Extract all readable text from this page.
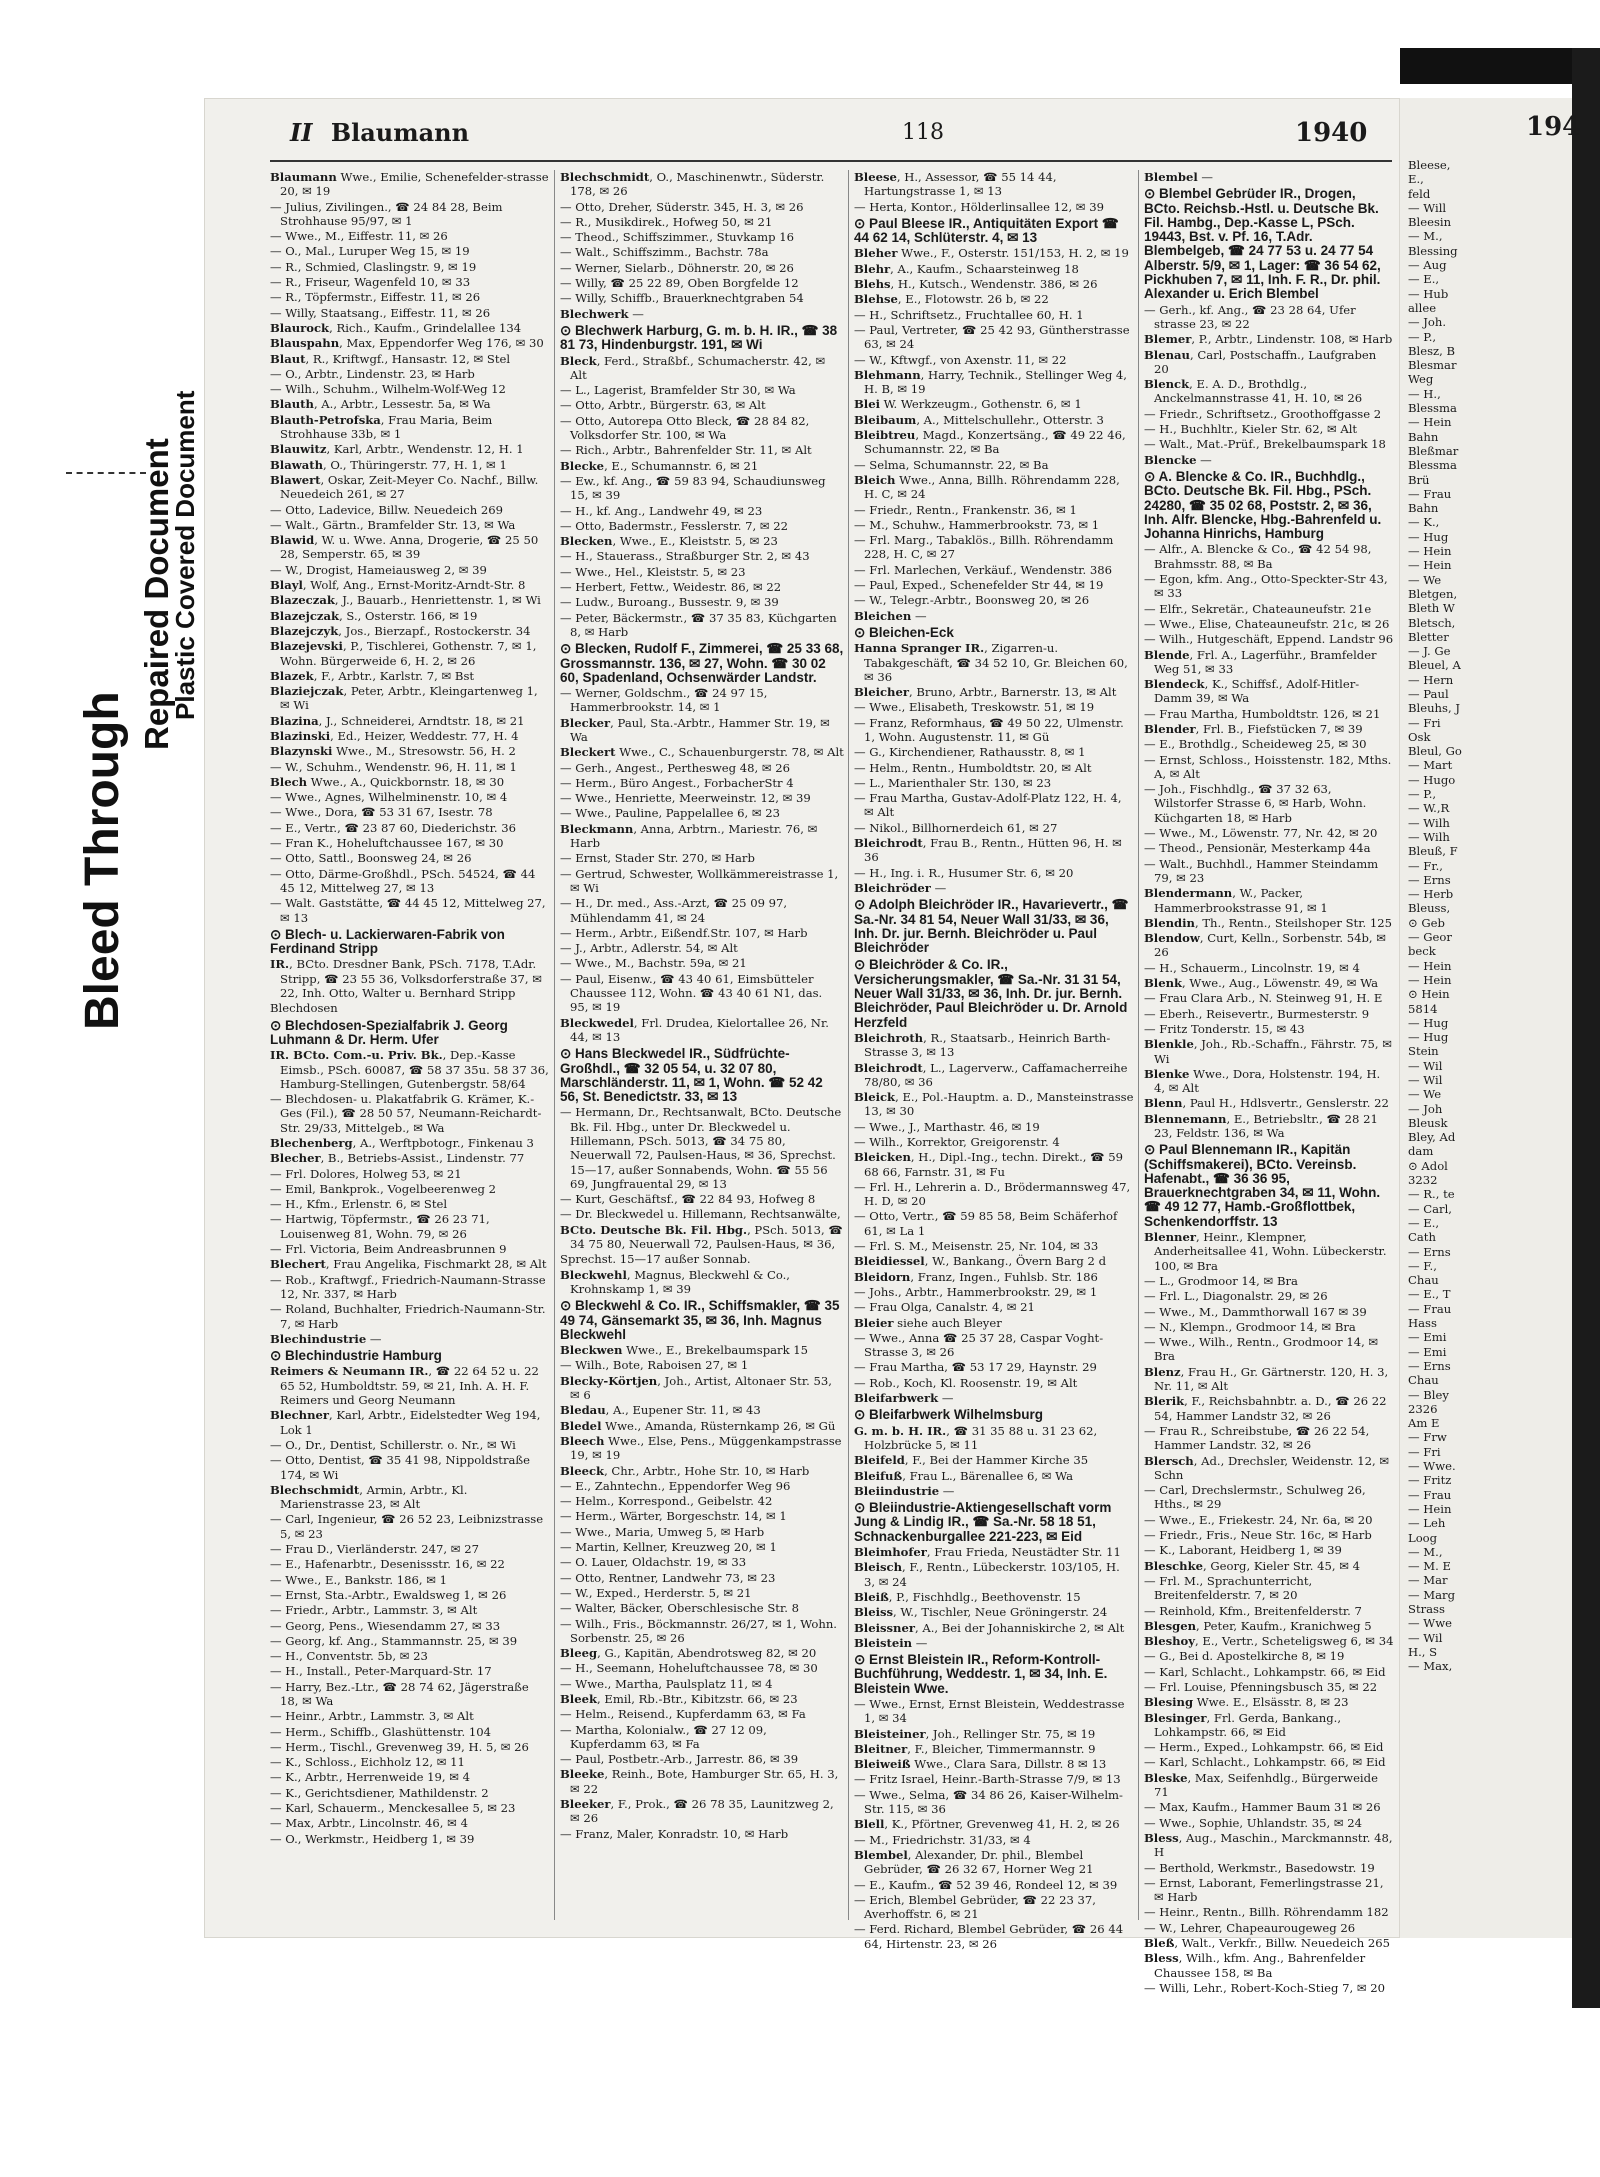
Bleed Through
Repaired Document
Plastic Covered Document
II Blaumann	118	1940
Blaumann Wwe., Emilie, Schenefelder-strasse 20, ✉ 19
— Julius, Zivilingen., ☎ 24 84 28, Beim Strohhause 95/97, ✉ 1
— Wwe., M., Eiffestr. 11, ✉ 26
— O., Mal., Luruper Weg 15, ✉ 19
— R., Schmied, Claslingstr. 9, ✉ 19
— R., Friseur, Wagenfeld 10, ✉ 33
— R., Töpfermstr., Eiffestr. 11, ✉ 26
— Willy, Staatsang., Eiffestr. 11, ✉ 26
Blaurock, Rich., Kaufm., Grindelallee 134
Blauspahn, Max, Eppendorfer Weg 176, ✉ 30
Blaut, R., Kriftwgf., Hansastr. 12, ✉ Stel
— O., Arbtr., Lindenstr. 23, ✉ Harb
— Wilh., Schuhm., Wilhelm-Wolf-Weg 12
Blauth, A., Arbtr., Lessestr. 5a, ✉ Wa
Blauth-Petrofska, Frau Maria, Beim Strohhause 33b, ✉ 1
Blauwitz, Karl, Arbtr., Wendenstr. 12, H. 1
Blawath, O., Thüringerstr. 77, H. 1, ✉ 1
Blawert, Oskar, Zeit-Meyer Co. Nachf., Billw. Neuedeich 261, ✉ 27
— Otto, Ladevice, Billw. Neuedeich 269
— Walt., Gärtn., Bramfelder Str. 13, ✉ Wa
Blawid, W. u. Wwe. Anna, Drogerie, ☎ 25 50 28, Semperstr. 65, ✉ 39
— W., Drogist, Hameiausweg 2, ✉ 39
Blayl, Wolf, Ang., Ernst-Moritz-Arndt-Str. 8
Blazeczak, J., Bauarb., Henriettenstr. 1, ✉ Wi
Blazejczak, S., Osterstr. 166, ✉ 19
Blazejczyk, Jos., Bierzapf., Rostockerstr. 34
Blazejevski, P., Tischlerei, Gothenstr. 7, ✉ 1, Wohn. Bürgerweide 6, H. 2, ✉ 26
Blazek, F., Arbtr., Karlstr. 7, ✉ Bst
Blaziejczak, Peter, Arbtr., Kleingartenweg 1, ✉ Wi
Blazina, J., Schneiderei, Arndtstr. 18, ✉ 21
Blazinski, Ed., Heizer, Weddestr. 77, H. 4
Blazynski Wwe., M., Stresowstr. 56, H. 2
— W., Schuhm., Wendenstr. 96, H. 11, ✉ 1
Blech Wwe., A., Quickbornstr. 18, ✉ 30
— Wwe., Agnes, Wilhelminenstr. 10, ✉ 4
— Wwe., Dora, ☎ 53 31 67, Isestr. 78
— E., Vertr., ☎ 23 87 60, Diederichstr. 36
— Fran K., Hoheluftchaussee 167, ✉ 30
— Otto, Sattl., Boonsweg 24, ✉ 26
— Otto, Därme-Großhdl., PSch. 54524, ☎ 44 45 12, Mittelweg 27, ✉ 13
— Walt. Gaststätte, ☎ 44 45 12, Mittelweg 27, ✉ 13
⊙ Blech- u. Lackierwaren-Fabrik von Ferdinand Stripp
IR., BCto. Dresdner Bank, PSch. 7178, T.Adr. Stripp, ☎ 23 55 36, Volksdorferstraße 37, ✉ 22, Inh. Otto, Walter u. Bernhard Stripp
Blechdosen
⊙ Blechdosen-Spezialfabrik J. Georg Luhmann & Dr. Herm. Ufer
IR. BCto. Com.-u. Priv. Bk., Dep.-Kasse Eimsb., PSch. 60087, ☎ 58 37 35u. 58 37 36, Hamburg-Stellingen, Gutenbergstr. 58/64
— Blechdosen- u. Plakatfabrik G. Krämer, K.-Ges (Fil.), ☎ 28 50 57, Neumann-Reichardt-Str. 29/33, Mittelgeb., ✉ Wa
Blechenberg, A., Werftpbotogr., Finkenau 3
Blecher, B., Betriebs-Assist., Lindenstr. 77
— Frl. Dolores, Holweg 53, ✉ 21
— Emil, Bankprok., Vogelbeerenweg 2
— H., Kfm., Erlenstr. 6, ✉ Stel
— Hartwig, Töpfermstr., ☎ 26 23 71, Louisenweg 81, Wohn. 79, ✉ 26
— Frl. Victoria, Beim Andreasbrunnen 9
Blechert, Frau Angelika, Fischmarkt 28, ✉ Alt
— Rob., Kraftwgf., Friedrich-Naumann-Strasse 12, Nr. 337, ✉ Harb
— Roland, Buchhalter, Friedrich-Naumann-Str. 7, ✉ Harb
Blechindustrie —
⊙ Blechindustrie Hamburg
Reimers & Neumann IR., ☎ 22 64 52 u. 22 65 52, Humboldtstr. 59, ✉ 21, Inh. A. H. F. Reimers und Georg Neumann
Blechner, Karl, Arbtr., Eidelstedter Weg 194, Lok 1
— O., Dr., Dentist, Schillerstr. o. Nr., ✉ Wi
— Otto, Dentist, ☎ 35 41 98, Nippoldstraße 174, ✉ Wi
Blechschmidt, Armin, Arbtr., Kl. Marienstrasse 23, ✉ Alt
— Carl, Ingenieur, ☎ 26 52 23, Leibnizstrasse 5, ✉ 23
— Frau D., Vierländerstr. 247, ✉ 27
— E., Hafenarbtr., Desenissstr. 16, ✉ 22
— Wwe., E., Bankstr. 186, ✉ 1
— Ernst, Sta.-Arbtr., Ewaldsweg 1, ✉ 26
— Friedr., Arbtr., Lammstr. 3, ✉ Alt
— Georg, Pens., Wiesendamm 27, ✉ 33
— Georg, kf. Ang., Stammannstr. 25, ✉ 39
— H., Conventstr. 5b, ✉ 23
— H., Install., Peter-Marquard-Str. 17
— Harry, Bez.-Ltr., ☎ 28 74 62, Jägerstraße 18, ✉ Wa
— Heinr., Arbtr., Lammstr. 3, ✉ Alt
— Herm., Schiffb., Glashüttenstr. 104
— Herm., Tischl., Grevenweg 39, H. 5, ✉ 26
— K., Schloss., Eichholz 12, ✉ 11
— K., Arbtr., Herrenweide 19, ✉ 4
— K., Gerichtsdiener, Mathildenstr. 2
— Karl, Schauerm., Menckesallee 5, ✉ 23
— Max, Arbtr., Lincolnstr. 46, ✉ 4
— O., Werkmstr., Heidberg 1, ✉ 39
Blechschmidt, O., Maschinenwtr., Süderstr. 178, ✉ 26
— Otto, Dreher, Süderstr. 345, H. 3, ✉ 26
— R., Musikdirek., Hofweg 50, ✉ 21
— Theod., Schiffszimmer., Stuvkamp 16
— Walt., Schiffszimm., Bachstr. 78a
— Werner, Sielarb., Döhnerstr. 20, ✉ 26
— Willy, ☎ 25 22 89, Oben Borgfelde 12
— Willy, Schiffb., Brauerknechtgraben 54
Blechwerk —
⊙ Blechwerk Harburg, G. m. b. H. IR., ☎ 38 81 73, Hindenburgstr. 191, ✉ Wi
Bleck, Ferd., Straßbf., Schumacherstr. 42, ✉ Alt
— L., Lagerist, Bramfelder Str 30, ✉ Wa
— Otto, Arbtr., Bürgerstr. 63, ✉ Alt
— Otto, Autorepa Otto Bleck, ☎ 28 84 82, Volksdorfer Str. 100, ✉ Wa
— Rich., Arbtr., Bahrenfelder Str. 11, ✉ Alt
Blecke, E., Schumannstr. 6, ✉ 21
— Ew., kf. Ang., ☎ 59 83 94, Schaudiunsweg 15, ✉ 39
— H., kf. Ang., Landwehr 49, ✉ 23
— Otto, Badermstr., Fesslerstr. 7, ✉ 22
Blecken, Wwe., E., Kleiststr. 5, ✉ 23
— H., Stauerass., Straßburger Str. 2, ✉ 43
— Wwe., Hel., Kleiststr. 5, ✉ 23
— Herbert, Fettw., Weidestr. 86, ✉ 22
— Ludw., Buroang., Bussestr. 9, ✉ 39
— Peter, Bäckermstr., ☎ 37 35 83, Küchgarten 8, ✉ Harb
⊙ Blecken, Rudolf F., Zimmerei, ☎ 25 33 68, Grossmannstr. 136, ✉ 27, Wohn. ☎ 30 02 60, Spadenland, Ochsenwärder Landstr.
— Werner, Goldschm., ☎ 24 97 15, Hammerbrookstr. 14, ✉ 1
Blecker, Paul, Sta.-Arbtr., Hammer Str. 19, ✉ Wa
Bleckert Wwe., C., Schauenburgerstr. 78, ✉ Alt
— Gerh., Angest., Perthesweg 48, ✉ 26
— Herm., Büro Angest., ForbacherStr 4
— Wwe., Henriette, Meerweinstr. 12, ✉ 39
— Wwe., Pauline, Pappelallee 6, ✉ 23
Bleckmann, Anna, Arbtrn., Mariestr. 76, ✉ Harb
— Ernst, Stader Str. 270, ✉ Harb
— Gertrud, Schwester, Wollkämmereistrasse 1, ✉ Wi
— H., Dr. med., Ass.-Arzt, ☎ 25 09 97, Mühlendamm 41, ✉ 24
— Herm., Arbtr., Eißendf.Str. 107, ✉ Harb
— J., Arbtr., Adlerstr. 54, ✉ Alt
— Wwe., M., Bachstr. 59a, ✉ 21
— Paul, Eisenw., ☎ 43 40 61, Eimsbütteler Chaussee 112, Wohn. ☎ 43 40 61 N1, das. 95, ✉ 19
Bleckwedel, Frl. Drudea, Kielortallee 26, Nr. 44, ✉ 13
⊙ Hans Bleckwedel IR., Südfrüchte-Großhdl., ☎ 32 05 54, u. 32 07 80, Marschländerstr. 11, ✉ 1, Wohn. ☎ 52 42 56, St. Benedictstr. 33, ✉ 13
— Hermann, Dr., Rechtsanwalt, BCto. Deutsche Bk. Fil. Hbg., unter Dr. Bleckwedel u. Hillemann, PSch. 5013, ☎ 34 75 80, Neuerwall 72, Paulsen-Haus, ✉ 36, Sprechst. 15—17, außer Sonnabends, Wohn. ☎ 55 56 69, Jungfrauental 29, ✉ 13
— Kurt, Geschäftsf., ☎ 22 84 93, Hofweg 8
— Dr. Bleckwedel u. Hillemann, Rechtsanwälte,
BCto. Deutsche Bk. Fil. Hbg., PSch. 5013, ☎ 34 75 80, Neuerwall 72, Paulsen-Haus, ✉ 36,
Sprechst. 15—17 außer Sonnab.
Bleckwehl, Magnus, Bleckwehl & Co., Krohnskamp 1, ✉ 39
⊙ Bleckwehl & Co. IR., Schiffsmakler, ☎ 35 49 74, Gänsemarkt 35, ✉ 36, Inh. Magnus Bleckwehl
Bleckwen Wwe., E., Brekelbaumspark 15
— Wilh., Bote, Raboisen 27, ✉ 1
Blecky-Körtjen, Joh., Artist, Altonaer Str. 53, ✉ 6
Bledau, A., Eupener Str. 11, ✉ 43
Bledel Wwe., Amanda, Rüsternkamp 26, ✉ Gü
Bleech Wwe., Else, Pens., Müggenkampstrasse 19, ✉ 19
Bleeck, Chr., Arbtr., Hohe Str. 10, ✉ Harb
— E., Zahntechn., Eppendorfer Weg 96
— Helm., Korrespond., Geibelstr. 42
— Herm., Wärter, Borgeschstr. 14, ✉ 1
— Wwe., Maria, Umweg 5, ✉ Harb
— Martin, Kellner, Kreuzweg 20, ✉ 1
— O. Lauer, Oldachstr. 19, ✉ 33
— Otto, Rentner, Landwehr 73, ✉ 23
— W., Exped., Herderstr. 5, ✉ 21
— Walter, Bäcker, Oberschlesische Str. 8
— Wilh., Fris., Böckmannstr. 26/27, ✉ 1, Wohn. Sorbenstr. 25, ✉ 26
Bleeg, G., Kapitän, Abendrotsweg 82, ✉ 20
— H., Seemann, Hoheluftchaussee 78, ✉ 30
— Wwe., Martha, Paulsplatz 11, ✉ 4
Bleek, Emil, Rb.-Btr., Kibitzstr. 66, ✉ 23
— Helm., Reisend., Kupferdamm 63, ✉ Fa
— Martha, Kolonialw., ☎ 27 12 09, Kupferdamm 63, ✉ Fa
— Paul, Postbetr.-Arb., Jarrestr. 86, ✉ 39
Bleeke, Reinh., Bote, Hamburger Str. 65, H. 3, ✉ 22
Bleeker, F., Prok., ☎ 26 78 35, Launitzweg 2, ✉ 26
— Franz, Maler, Konradstr. 10, ✉ Harb
Bleese, H., Assessor, ☎ 55 14 44, Hartungstrasse 1, ✉ 13
— Herta, Kontor., Hölderlinsallee 12, ✉ 39
⊙ Paul Bleese IR., Antiquitäten Export ☎ 44 62 14, Schlüterstr. 4, ✉ 13
Bleher Wwe., F., Osterstr. 151/153, H. 2, ✉ 19
Blehr, A., Kaufm., Schaarsteinweg 18
Blehs, H., Kutsch., Wendenstr. 386, ✉ 26
Blehse, E., Flotowstr. 26 b, ✉ 22
— H., Schriftsetz., Fruchtallee 60, H. 1
— Paul, Vertreter, ☎ 25 42 93, Güntherstrasse 63, ✉ 24
— W., Kftwgf., von Axenstr. 11, ✉ 22
Blehmann, Harry, Technik., Stellinger Weg 4, H. B, ✉ 19
Blei W. Werkzeugm., Gothenstr. 6, ✉ 1
Bleibaum, A., Mittelschullehr., Otterstr. 3
Bleibtreu, Magd., Konzertsäng., ☎ 49 22 46, Schumannstr. 22, ✉ Ba
— Selma, Schumannstr. 22, ✉ Ba
Bleich Wwe., Anna, Billh. Röhrendamm 228, H. C, ✉ 24
— Friedr., Rentn., Frankenstr. 36, ✉ 1
— M., Schuhw., Hammerbrookstr. 73, ✉ 1
— Frl. Marg., Tabaklös., Billh. Röhrendamm 228, H. C, ✉ 27
— Frl. Marlechen, Verkäuf., Wendenstr. 386
— Paul, Exped., Schenefelder Str 44, ✉ 19
— W., Telegr.-Arbtr., Boonsweg 20, ✉ 26
Bleichen —
⊙ Bleichen-Eck
Hanna Spranger IR., Zigarren-u. Tabakgeschäft, ☎ 34 52 10, Gr. Bleichen 60, ✉ 36
Bleicher, Bruno, Arbtr., Barnerstr. 13, ✉ Alt
— Wwe., Elisabeth, Treskowstr. 51, ✉ 19
— Franz, Reformhaus, ☎ 49 50 22, Ulmenstr. 1, Wohn. Augustenstr. 11, ✉ Gü
— G., Kirchendiener, Rathausstr. 8, ✉ 1
— Helm., Rentn., Humboldtstr. 20, ✉ Alt
— L., Marienthaler Str. 130, ✉ 23
— Frau Martha, Gustav-Adolf-Platz 122, H. 4, ✉ Alt
— Nikol., Billhornerdeich 61, ✉ 27
Bleichrodt, Frau B., Rentn., Hütten 96, H. ✉ 36
— H., Ing. i. R., Husumer Str. 6, ✉ 20
Bleichröder —
⊙ Adolph Bleichröder IR., Havarievertr., ☎ Sa.-Nr. 34 81 54, Neuer Wall 31/33, ✉ 36, Inh. Dr. jur. Bernh. Bleichröder u. Paul Bleichröder
⊙ Bleichröder & Co. IR., Versicherungsmakler, ☎ Sa.-Nr. 31 31 54, Neuer Wall 31/33, ✉ 36, Inh. Dr. jur. Bernh. Bleichröder, Paul Bleichröder u. Dr. Arnold Herzfeld
Bleichroth, R., Staatsarb., Heinrich Barth-Strasse 3, ✉ 13
Bleichrodt, L., Lagerverw., Caffamacherreihe 78/80, ✉ 36
Bleick, E., Pol.-Hauptm. a. D., Mansteinstrasse 13, ✉ 30
— Wwe., J., Marthastr. 46, ✉ 19
— Wilh., Korrektor, Greigorenstr. 4
Bleicken, H., Dipl.-Ing., techn. Direkt., ☎ 59 68 66, Farnstr. 31, ✉ Fu
— Frl. H., Lehrerin a. D., Brödermannsweg 47, H. D, ✉ 20
— Otto, Vertr., ☎ 59 85 58, Beim Schäferhof 61, ✉ La 1
— Frl. S. M., Meisenstr. 25, Nr. 104, ✉ 33
Bleidiessel, W., Bankang., Övern Barg 2 d
Bleidorn, Franz, Ingen., Fuhlsb. Str. 186
— Johs., Arbtr., Hammerbrookstr. 29, ✉ 1
— Frau Olga, Canalstr. 4, ✉ 21
Bleier siehe auch Bleyer
— Wwe., Anna ☎ 25 37 28, Caspar Voght-Strasse 3, ✉ 26
— Frau Martha, ☎ 53 17 29, Haynstr. 29
— Rob., Koch, Kl. Roosenstr. 19, ✉ Alt
Bleifarbwerk —
⊙ Bleifarbwerk Wilhelmsburg
G. m. b. H. IR., ☎ 31 35 88 u. 31 23 62, Holzbrücke 5, ✉ 11
Bleifeld, F., Bei der Hammer Kirche 35
Bleifuß, Frau L., Bärenallee 6, ✉ Wa
Bleiindustrie —
⊙ Bleiindustrie-Aktiengesellschaft vorm Jung & Lindig IR., ☎ Sa.-Nr. 58 18 51, Schnackenburgallee 221-223, ✉ Eid
Bleimhofer, Frau Frieda, Neustädter Str. 11
Bleisch, F., Rentn., Lübeckerstr. 103/105, H. 3, ✉ 24
Bleiß, P., Fischhdlg., Beethovenstr. 15
Bleiss, W., Tischler, Neue Gröningerstr. 24
Bleissner, A., Bei der Johanniskirche 2, ✉ Alt
Bleistein —
⊙ Ernst Bleistein IR., Reform-Kontroll-Buchführung, Weddestr. 1, ✉ 34, Inh. E. Bleistein Wwe.
— Wwe., Ernst, Ernst Bleistein, Weddestrasse 1, ✉ 34
Bleisteiner, Joh., Rellinger Str. 75, ✉ 19
Bleitner, F., Bleicher, Timmermannstr. 9
Bleiweiß Wwe., Clara Sara, Dillstr. 8 ✉ 13
— Fritz Israel, Heinr.-Barth-Strasse 7/9, ✉ 13
— Wwe., Selma, ☎ 34 86 26, Kaiser-Wilhelm-Str. 115, ✉ 36
Blell, K., Pförtner, Grevenweg 41, H. 2, ✉ 26
— M., Friedrichstr. 31/33, ✉ 4
Blembel, Alexander, Dr. phil., Blembel Gebrüder, ☎ 26 32 67, Horner Weg 21
— E., Kaufm., ☎ 52 39 46, Rondeel 12, ✉ 39
— Erich, Blembel Gebrüder, ☎ 22 23 37, Averhoffstr. 6, ✉ 21
— Ferd. Richard, Blembel Gebrüder, ☎ 26 44 64, Hirtenstr. 23, ✉ 26
Blembel —
⊙ Blembel Gebrüder IR., Drogen, BCto. Reichsb.-Hstl. u. Deutsche Bk. Fil. Hambg., Dep.-Kasse L, PSch. 19443, Bst. v. Pf. 16, T.Adr. Blembelgeb, ☎ 24 77 53 u. 24 77 54 Alberstr. 5/9, ✉ 1, Lager: ☎ 36 54 62, Pickhuben 7, ✉ 11, Inh. F. R., Dr. phil. Alexander u. Erich Blembel
— Gerh., kf. Ang., ☎ 23 28 64, Ufer strasse 23, ✉ 22
Blemer, P., Arbtr., Lindenstr. 108, ✉ Harb
Blenau, Carl, Postschaffn., Laufgraben 20
Blenck, E. A. D., Brothdlg., Anckelmannstrasse 41, H. 10, ✉ 26
— Friedr., Schriftsetz., Groothoffgasse 2
— H., Buchhltr., Kieler Str. 62, ✉ Alt
— Walt., Mat.-Prüf., Brekelbaumspark 18
Blencke —
⊙ A. Blencke & Co. IR., Buchhdlg., BCto. Deutsche Bk. Fil. Hbg., PSch. 24280, ☎ 35 02 68, Poststr. 2, ✉ 36, Inh. Alfr. Blencke, Hbg.-Bahrenfeld u. Johanna Hinrichs, Hamburg
— Alfr., A. Blencke & Co., ☎ 42 54 98, Brahmsstr. 88, ✉ Ba
— Egon, kfm. Ang., Otto-Speckter-Str 43, ✉ 33
— Elfr., Sekretär., Chateauneufstr. 21e
— Wwe., Elise, Chateauneufstr. 21c, ✉ 26
— Wilh., Hutgeschäft, Eppend. Landstr 96
Blende, Frl. A., Lagerführ., Bramfelder Weg 51, ✉ 33
Blendeck, K., Schiffsf., Adolf-Hitler-Damm 39, ✉ Wa
— Frau Martha, Humboldtstr. 126, ✉ 21
Blender, Frl. B., Fiefstücken 7, ✉ 39
— E., Brothdlg., Scheideweg 25, ✉ 30
— Ernst, Schloss., Hoisstenstr. 182, Mths. A, ✉ Alt
— Joh., Fischhdlg., ☎ 37 32 63, Wilstorfer Strasse 6, ✉ Harb, Wohn. Küchgarten 18, ✉ Harb
— Wwe., M., Löwenstr. 77, Nr. 42, ✉ 20
— Theod., Pensionär, Mesterkamp 44a
— Walt., Buchhdl., Hammer Steindamm 79, ✉ 23
Blendermann, W., Packer, Hammerbrookstrasse 91, ✉ 1
Blendin, Th., Rentn., Steilshoper Str. 125
Blendow, Curt, Kelln., Sorbenstr. 54b, ✉ 26
— H., Schauerm., Lincolnstr. 19, ✉ 4
Blenk, Wwe., Aug., Löwenstr. 49, ✉ Wa
— Frau Clara Arb., N. Steinweg 91, H. E
— Eberh., Reisevertr., Burmesterstr. 9
— Fritz Tonderstr. 15, ✉ 43
Blenkle, Joh., Rb.-Schaffn., Fährstr. 75, ✉ Wi
Blenke Wwe., Dora, Holstenstr. 194, H. 4, ✉ Alt
Blenn, Paul H., Hdlsvertr., Genslerstr. 22
Blennemann, E., Betriebsltr., ☎ 28 21 23, Feldstr. 136, ✉ Wa
⊙ Paul Blennemann IR., Kapitän (Schiffsmakerei), BCto. Vereinsb. Hafenabt., ☎ 36 36 95, Brauerknechtgraben 34, ✉ 11, Wohn. ☎ 49 12 77, Hamb.-Großflottbek, Schenkendorffstr. 13
Blenner, Heinr., Klempner, Anderheitsallee 41, Wohn. Lübeckerstr. 100, ✉ Bra
— L., Grodmoor 14, ✉ Bra
— Frl. L., Diagonalstr. 29, ✉ 26
— Wwe., M., Dammthorwall 167 ✉ 39
— N., Klempn., Grodmoor 14, ✉ Bra
— Wwe., Wilh., Rentn., Grodmoor 14, ✉ Bra
Blenz, Frau H., Gr. Gärtnerstr. 120, H. 3, Nr. 11, ✉ Alt
Blerik, F., Reichsbahnbtr. a. D., ☎ 26 22 54, Hammer Landstr 32, ✉ 26
— Frau R., Schreibstube, ☎ 26 22 54, Hammer Landstr. 32, ✉ 26
Blersch, Ad., Drechsler, Weidenstr. 12, ✉ Schn
— Carl, Drechslermstr., Schulweg 26, Hths., ✉ 29
— Wwe., E., Friekestr. 24, Nr. 6a, ✉ 20
— Friedr., Fris., Neue Str. 16c, ✉ Harb
— K., Laborant, Heidberg 1, ✉ 39
Bleschke, Georg, Kieler Str. 45, ✉ 4
— Frl. M., Sprachunterricht, Breitenfelderstr. 7, ✉ 20
— Reinhold, Kfm., Breitenfelderstr. 7
Blesgen, Peter, Kaufm., Kranichweg 5
Bleshoy, E., Vertr., Scheteligsweg 6, ✉ 34
— G., Bei d. Apostelkirche 8, ✉ 19
— Karl, Schlacht., Lohkampstr. 66, ✉ Eid
— Frl. Louise, Pfenningsbusch 35, ✉ 22
Blesing Wwe. E., Elsässtr. 8, ✉ 23
Blesinger, Frl. Gerda, Bankang., Lohkampstr. 66, ✉ Eid
— Herm., Exped., Lohkampstr. 66, ✉ Eid
— Karl, Schlacht., Lohkampstr. 66, ✉ Eid
Bleske, Max, Seifenhdlg., Bürgerweide 71
— Max, Kaufm., Hammer Baum 31 ✉ 26
— Wwe., Sophie, Uhlandstr. 35, ✉ 24
Bless, Aug., Maschin., Marckmannstr. 48, H
— Berthold, Werkmstr., Basedowstr. 19
— Ernst, Laborant, Femerlingstrasse 21, ✉ Harb
— Heinr., Rentn., Billh. Röhrendamm 182
— W., Lehrer, Chapeaurougeweg 26
Bleß, Walt., Verkfr., Billw. Neuedeich 265
Bless, Wilh., kfm. Ang., Bahrenfelder Chaussee 158, ✉ Ba
— Willi, Lehr., Robert-Koch-Stieg 7, ✉ 20
194
Bleese,
E.,
feld
— Will
Bleesin
— M.,
Blessing
— Aug
— E.,
— Hub
allee
— Joh.
— P.,
Blesz, B
Blesmar
Weg
— H.,
Blessma
— Hein
Bahn
Bleßmar
Blessma
Brü
— Frau
Bahn
— K.,
— Hug
— Hein
— Hein
— We
Bletgen,
Bleth W
Bletsch,
Bletter
— J. Ge
Bleuel, A
— Hern
— Paul
Bleuhs, J
— Fri
Osk
Bleul, Go
— Mart
— Hugo
— P.,
— W.,R
— Wilh
— Wilh
Bleuß, F
— Fr.,
— Erns
— Herb
Bleuss,
⊙ Geb
— Geor
beck
— Hein
— Hein
⊙ Hein
5814
— Hug
— Hug
Stein
— Wil
— Wil
— We
— Joh
Bleusk
Bley, Ad
dam
⊙ Adol
3232
— R., te
— Carl,
— E.,
Cath
— Erns
— F.,
Chau
— E., T
— Frau
Hass
— Emi
— Emi
— Erns
Chau
— Bley
2326
Am E
— Frw
— Fri
— Wwe.
— Fritz
— Frau
— Hein
— Leh
Loog
— M.,
— M. E
— Mar
— Marg
Strass
— Wwe
— Wil
H., S
— Max,
